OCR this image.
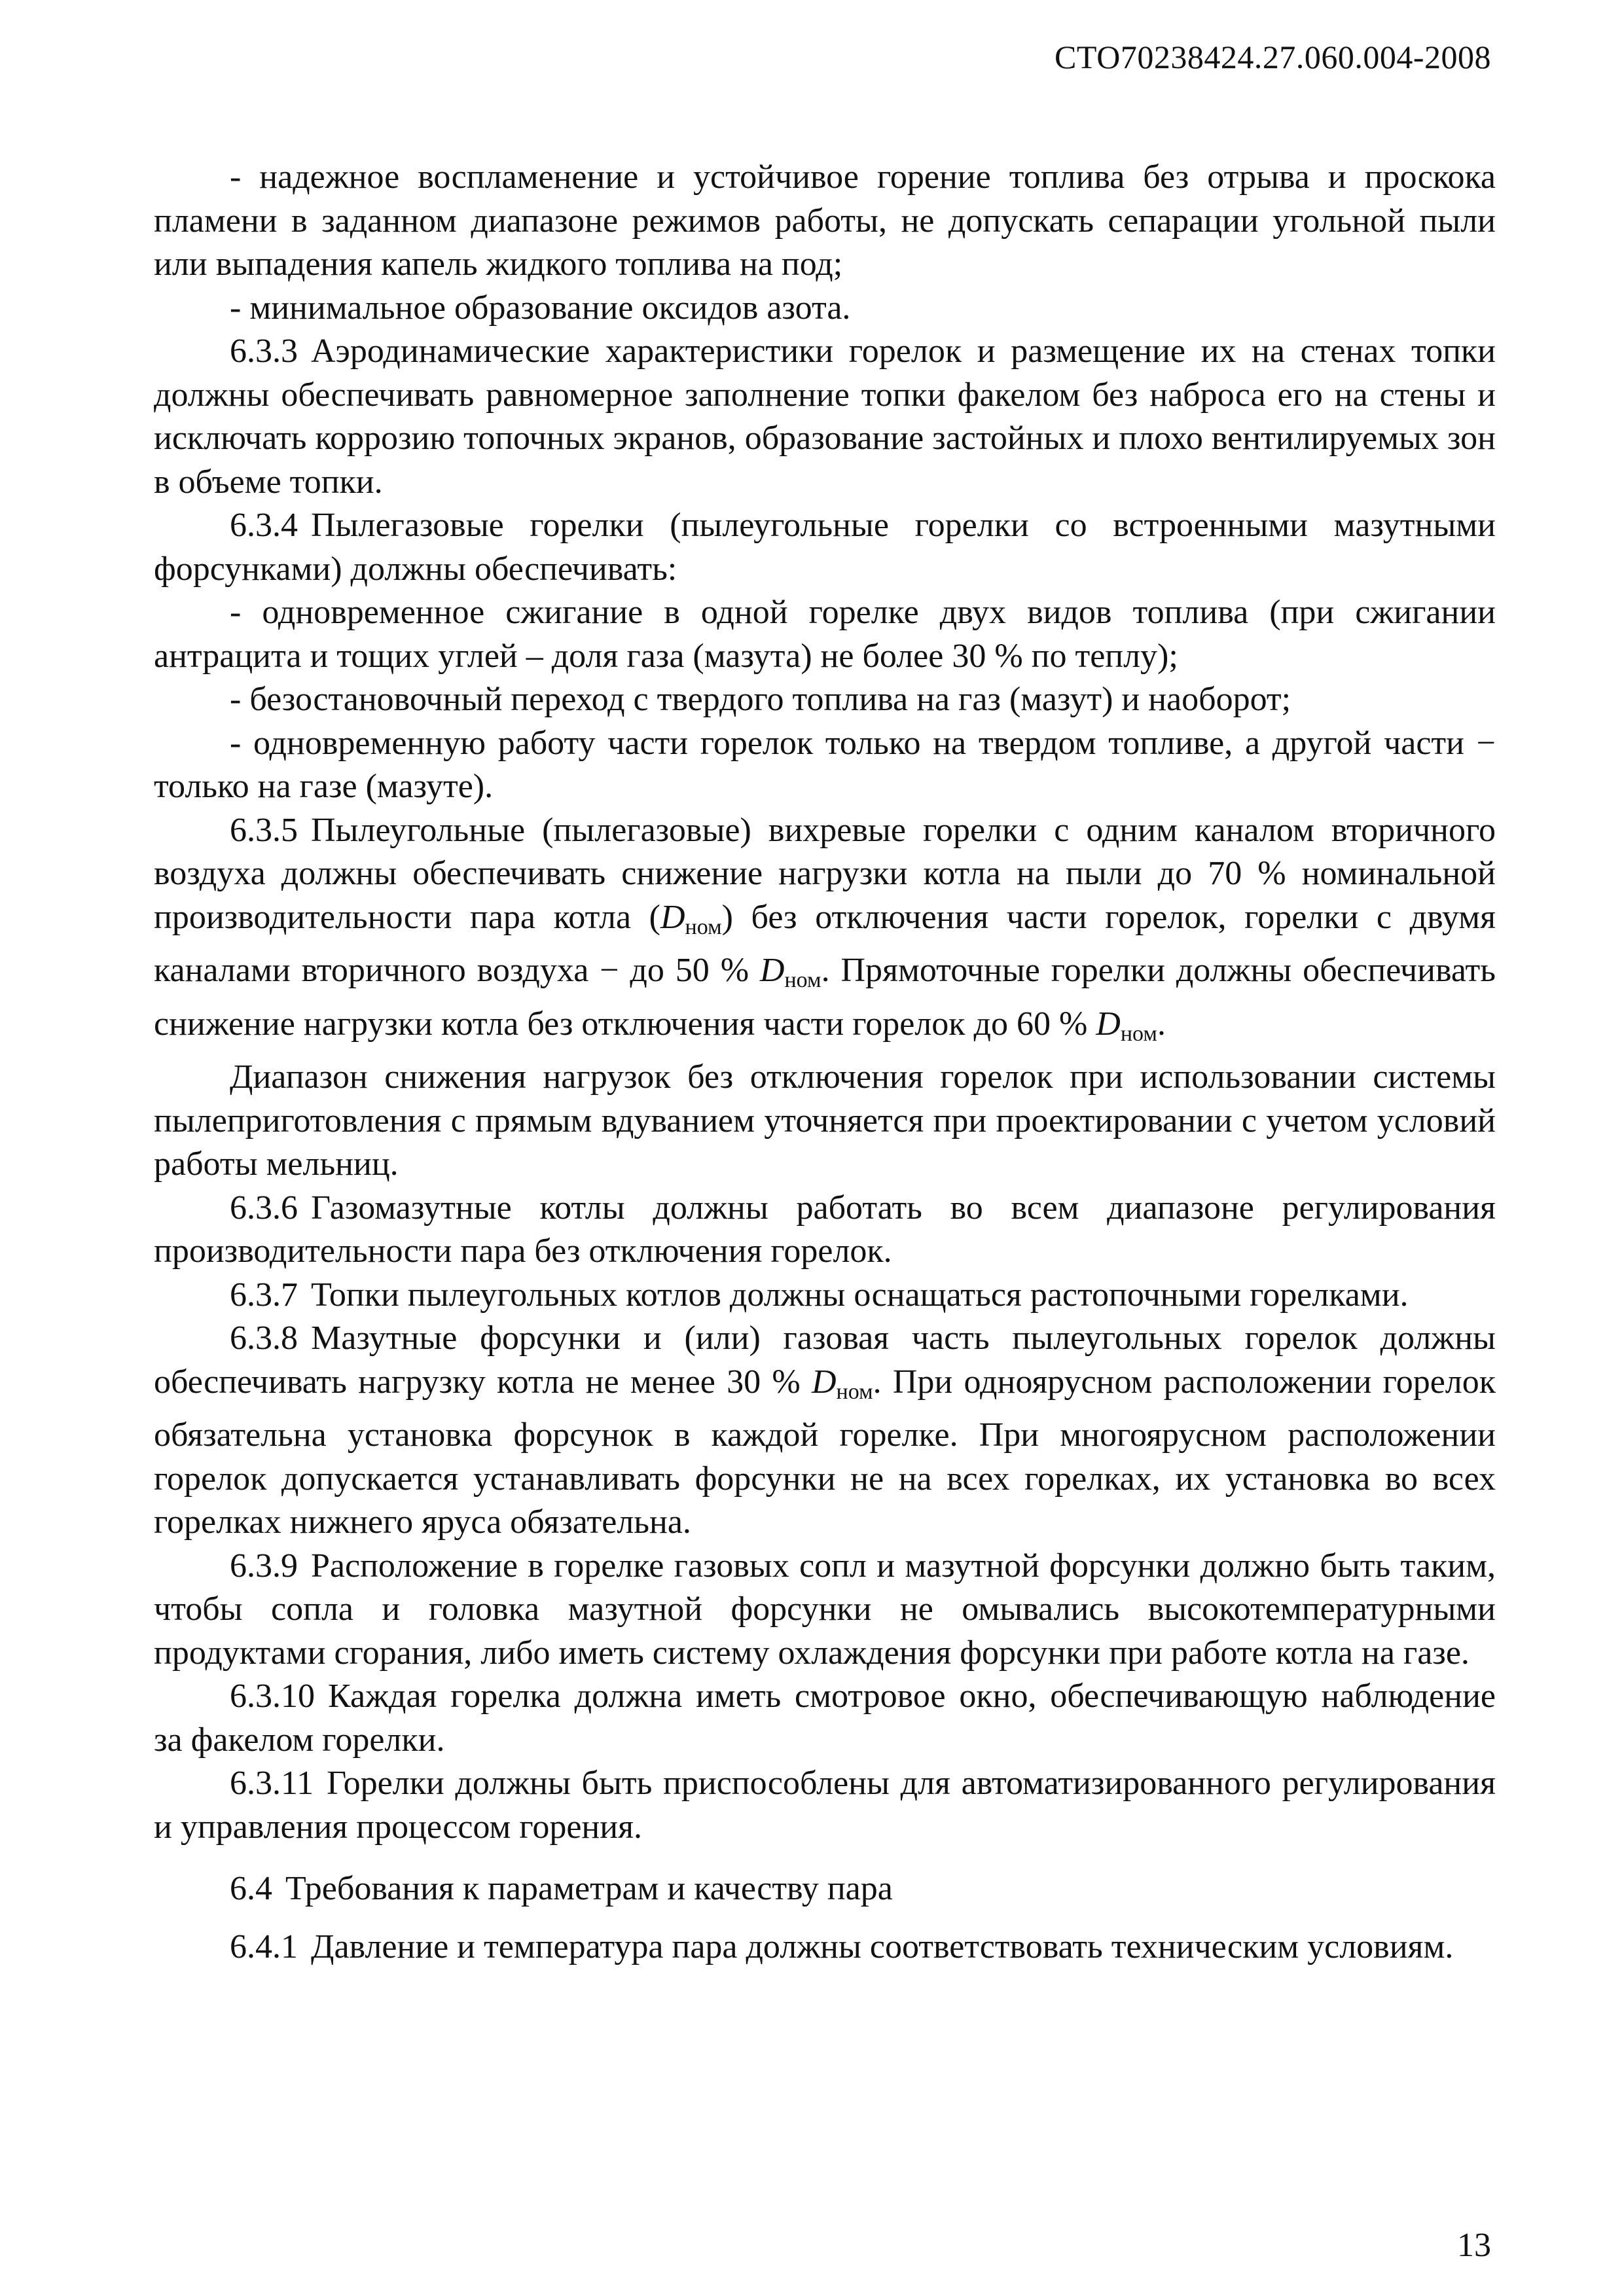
СТО70238424.27.060.004-2008

- надежное воспламенение и устойчивое горение топлива без отрыва и проскока пламени в заданном диапазоне режимов работы, не допускать сепарации угольной пыли или выпадения капель жидкого топлива на под;

- минимальное образование оксидов азота.

6.3.3 Аэродинамические характеристики горелок и размещение их на стенах топки должны обеспечивать равномерное заполнение топки факелом без наброса его на стены и исключать коррозию топочных экранов, образование застойных и плохо вентилируемых зон в объеме топки.

6.3.4 Пылегазовые горелки (пылеугольные горелки со встроенными мазутными форсунками) должны обеспечивать:

- одновременное сжигание в одной горелке двух видов топлива (при сжигании антрацита и тощих углей – доля газа (мазута) не более 30 % по теплу);

- безостановочный переход с твердого топлива на газ (мазут) и наоборот;

- одновременную работу части горелок только на твердом топливе, а другой части − только на газе (мазуте).

6.3.5 Пылеугольные (пылегазовые) вихревые горелки с одним каналом вторичного воздуха должны обеспечивать снижение нагрузки котла на пыли до 70 % номинальной производительности пара котла $(D_{ном})$ без отключения части горелок, горелки с двумя каналами вторичного воздуха − до 50 % $D_{ном}$. Прямоточные горелки должны обеспечивать снижение нагрузки котла без отключения части горелок до 60 % $D_{ном}$.

Диапазон снижения нагрузок без отключения горелок при использовании системы пылеприготовления с прямым вдуванием уточняется при проектировании с учетом условий работы мельниц.

6.3.6 Газомазутные котлы должны работать во всем диапазоне регулирования производительности пара без отключения горелок.

6.3.7 Топки пылеугольных котлов должны оснащаться растопочными горелками.

6.3.8 Мазутные форсунки и (или) газовая часть пылеугольных горелок должны обеспечивать нагрузку котла не менее 30 % $D_{ном}$. При одноярусном расположении горелок обязательна установка форсунок в каждой горелке. При многоярусном расположении горелок допускается устанавливать форсунки не на всех горелках, их установка во всех горелках нижнего яруса обязательна.

6.3.9 Расположение в горелке газовых сопл и мазутной форсунки должно быть таким, чтобы сопла и головка мазутной форсунки не омывались высокотемпературными продуктами сгорания, либо иметь систему охлаждения форсунки при работе котла на газе.

6.3.10 Каждая горелка должна иметь смотровое окно, обеспечивающую наблюдение за факелом горелки.

6.3.11 Горелки должны быть приспособлены для автоматизированного регулирования и управления процессом горения.

6.4 Требования к параметрам и качеству пара

6.4.1 Давление и температура пара должны соответствовать техническим условиям.

13
